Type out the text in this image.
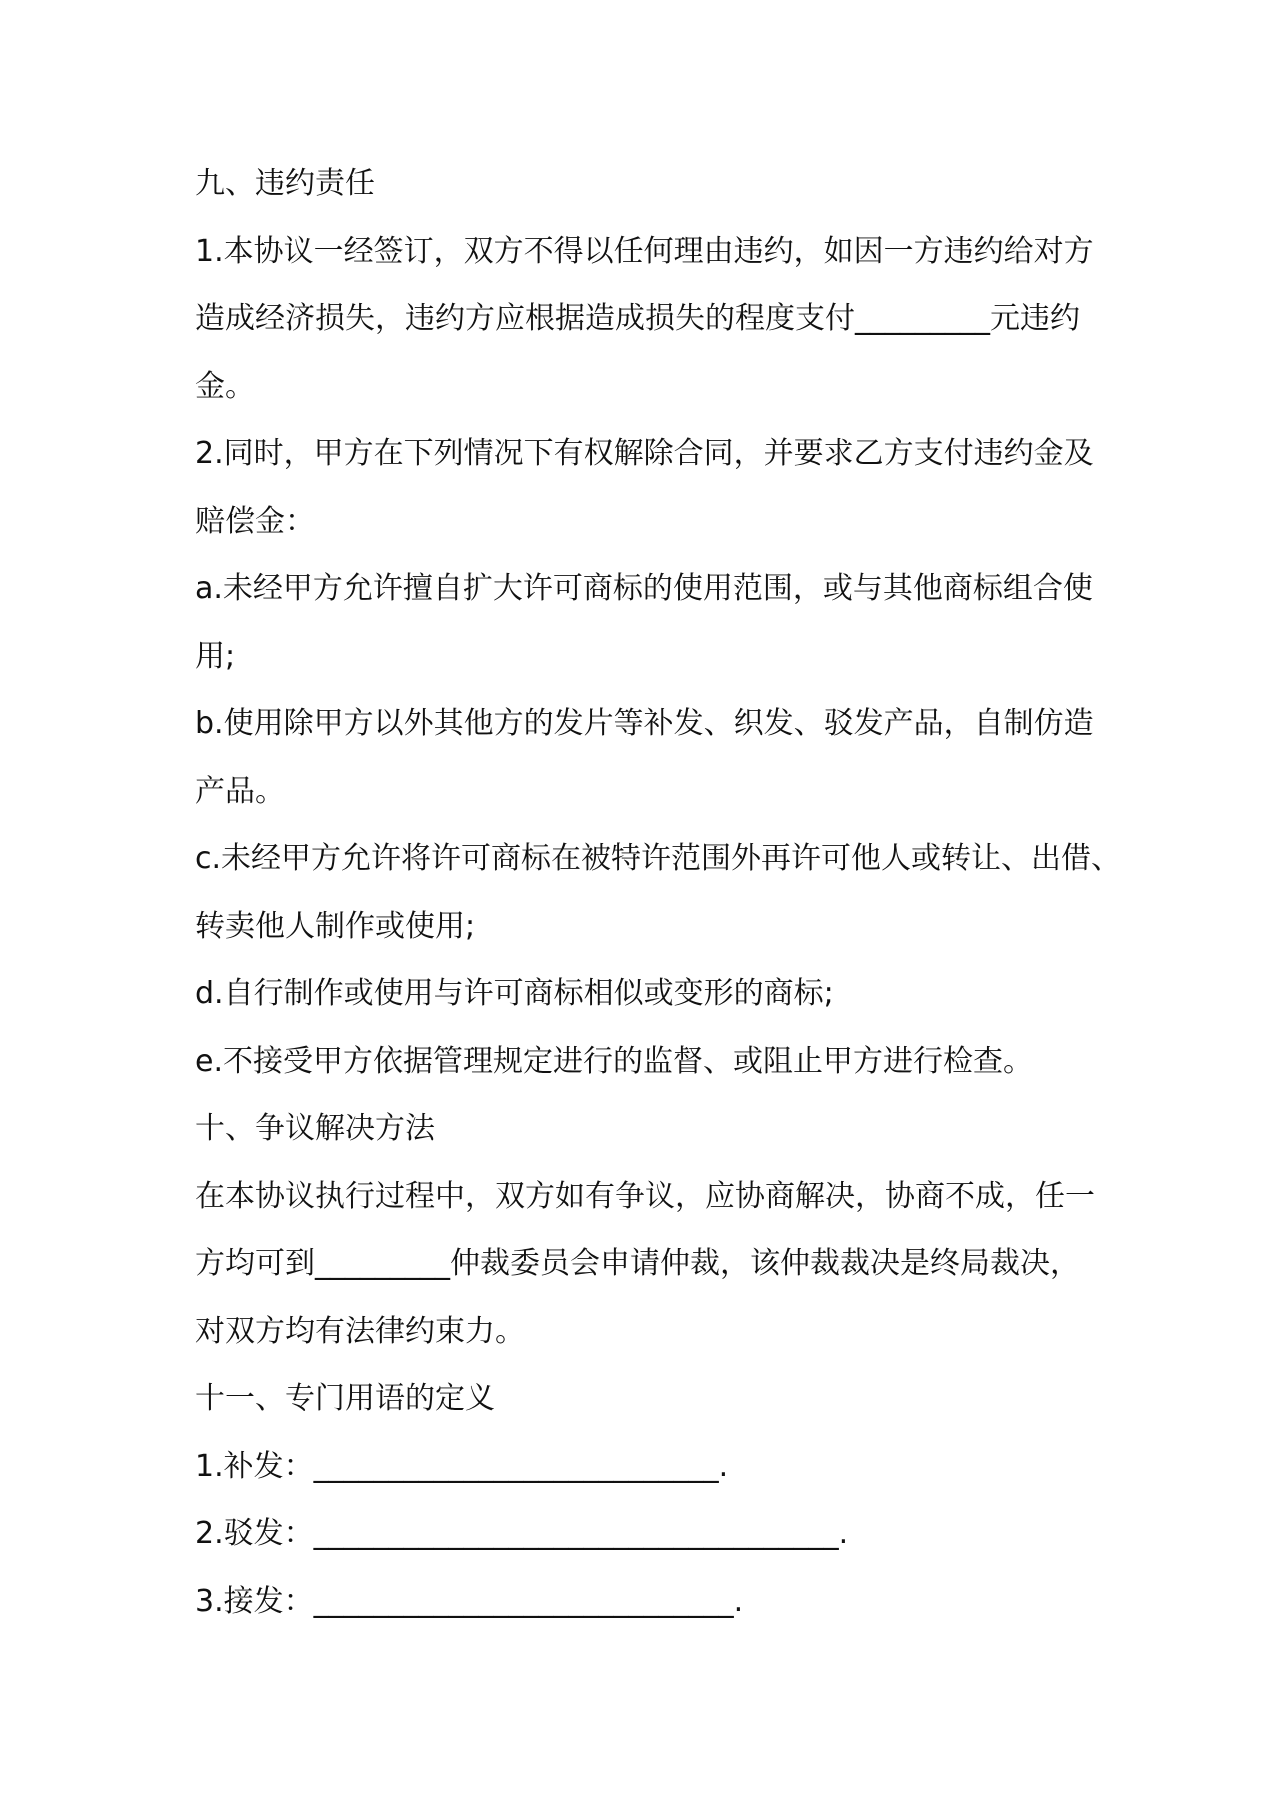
九、违约责任

1.本协议一经签订，双方不得以任何理由违约，如因一方违约给对方

造成经济损失，违约方应根据造成损失的程度支付_________元违约

金。

2.同时，甲方在下列情况下有权解除合同，并要求乙方支付违约金及

赔偿金：

a.未经甲方允许擅自扩大许可商标的使用范围，或与其他商标组合使

用;

b.使用除甲方以外其他方的发片等补发、织发、驳发产品，自制仿造

产品。

c.未经甲方允许将许可商标在被特许范围外再许可他人或转让、出借、

转卖他人制作或使用;

d.自行制作或使用与许可商标相似或变形的商标;

e.不接受甲方依据管理规定进行的监督、或阻止甲方进行检查。

十、争议解决方法

在本协议执行过程中，双方如有争议，应协商解决，协商不成，任一

方均可到_________仲裁委员会申请仲裁，该仲裁裁决是终局裁决，

对双方均有法律约束力。

十一、专门用语的定义

1.补发：___________________________.

2.驳发：___________________________________.

3.接发：____________________________.
